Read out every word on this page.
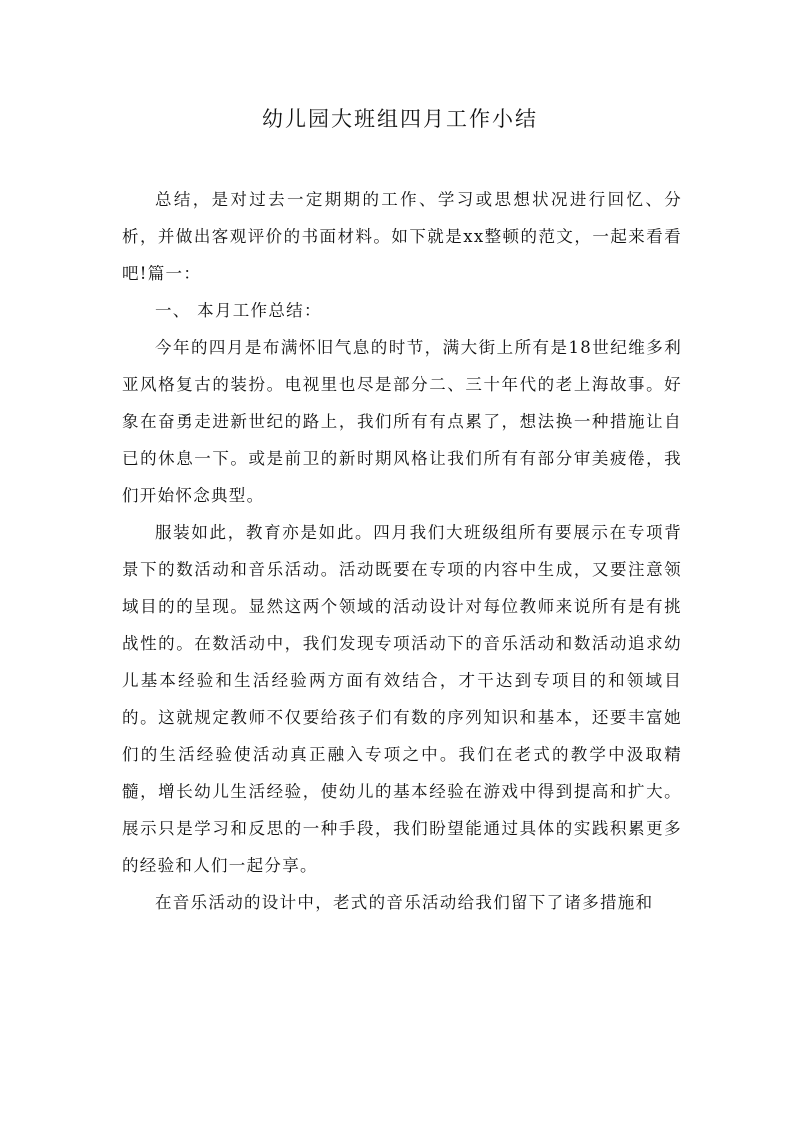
幼儿园大班组四月工作小结

总结，是对过去一定期期的工作、学习或思想状况进行回忆、分析，并做出客观评价的书面材料。如下就是xx整顿的范文，一起来看看吧!篇一：

一、 本月工作总结：

今年的四月是布满怀旧气息的时节，满大街上所有是18世纪维多利亚风格复古的装扮。电视里也尽是部分二、三十年代的老上海故事。好象在奋勇走进新世纪的路上，我们所有有点累了，想法换一种措施让自已的休息一下。或是前卫的新时期风格让我们所有有部分审美疲倦，我们开始怀念典型。

服装如此，教育亦是如此。四月我们大班级组所有要展示在专项背景下的数活动和音乐活动。活动既要在专项的内容中生成，又要注意领域目的的呈现。显然这两个领域的活动设计对每位教师来说所有是有挑战性的。在数活动中，我们发现专项活动下的音乐活动和数活动追求幼儿基本经验和生活经验两方面有效结合，才干达到专项目的和领域目的。这就规定教师不仅要给孩子们有数的序列知识和基本，还要丰富她们的生活经验使活动真正融入专项之中。我们在老式的教学中汲取精髓，增长幼儿生活经验，使幼儿的基本经验在游戏中得到提高和扩大。展示只是学习和反思的一种手段，我们盼望能通过具体的实践积累更多的经验和人们一起分享。

在音乐活动的设计中，老式的音乐活动给我们留下了诸多措施和
